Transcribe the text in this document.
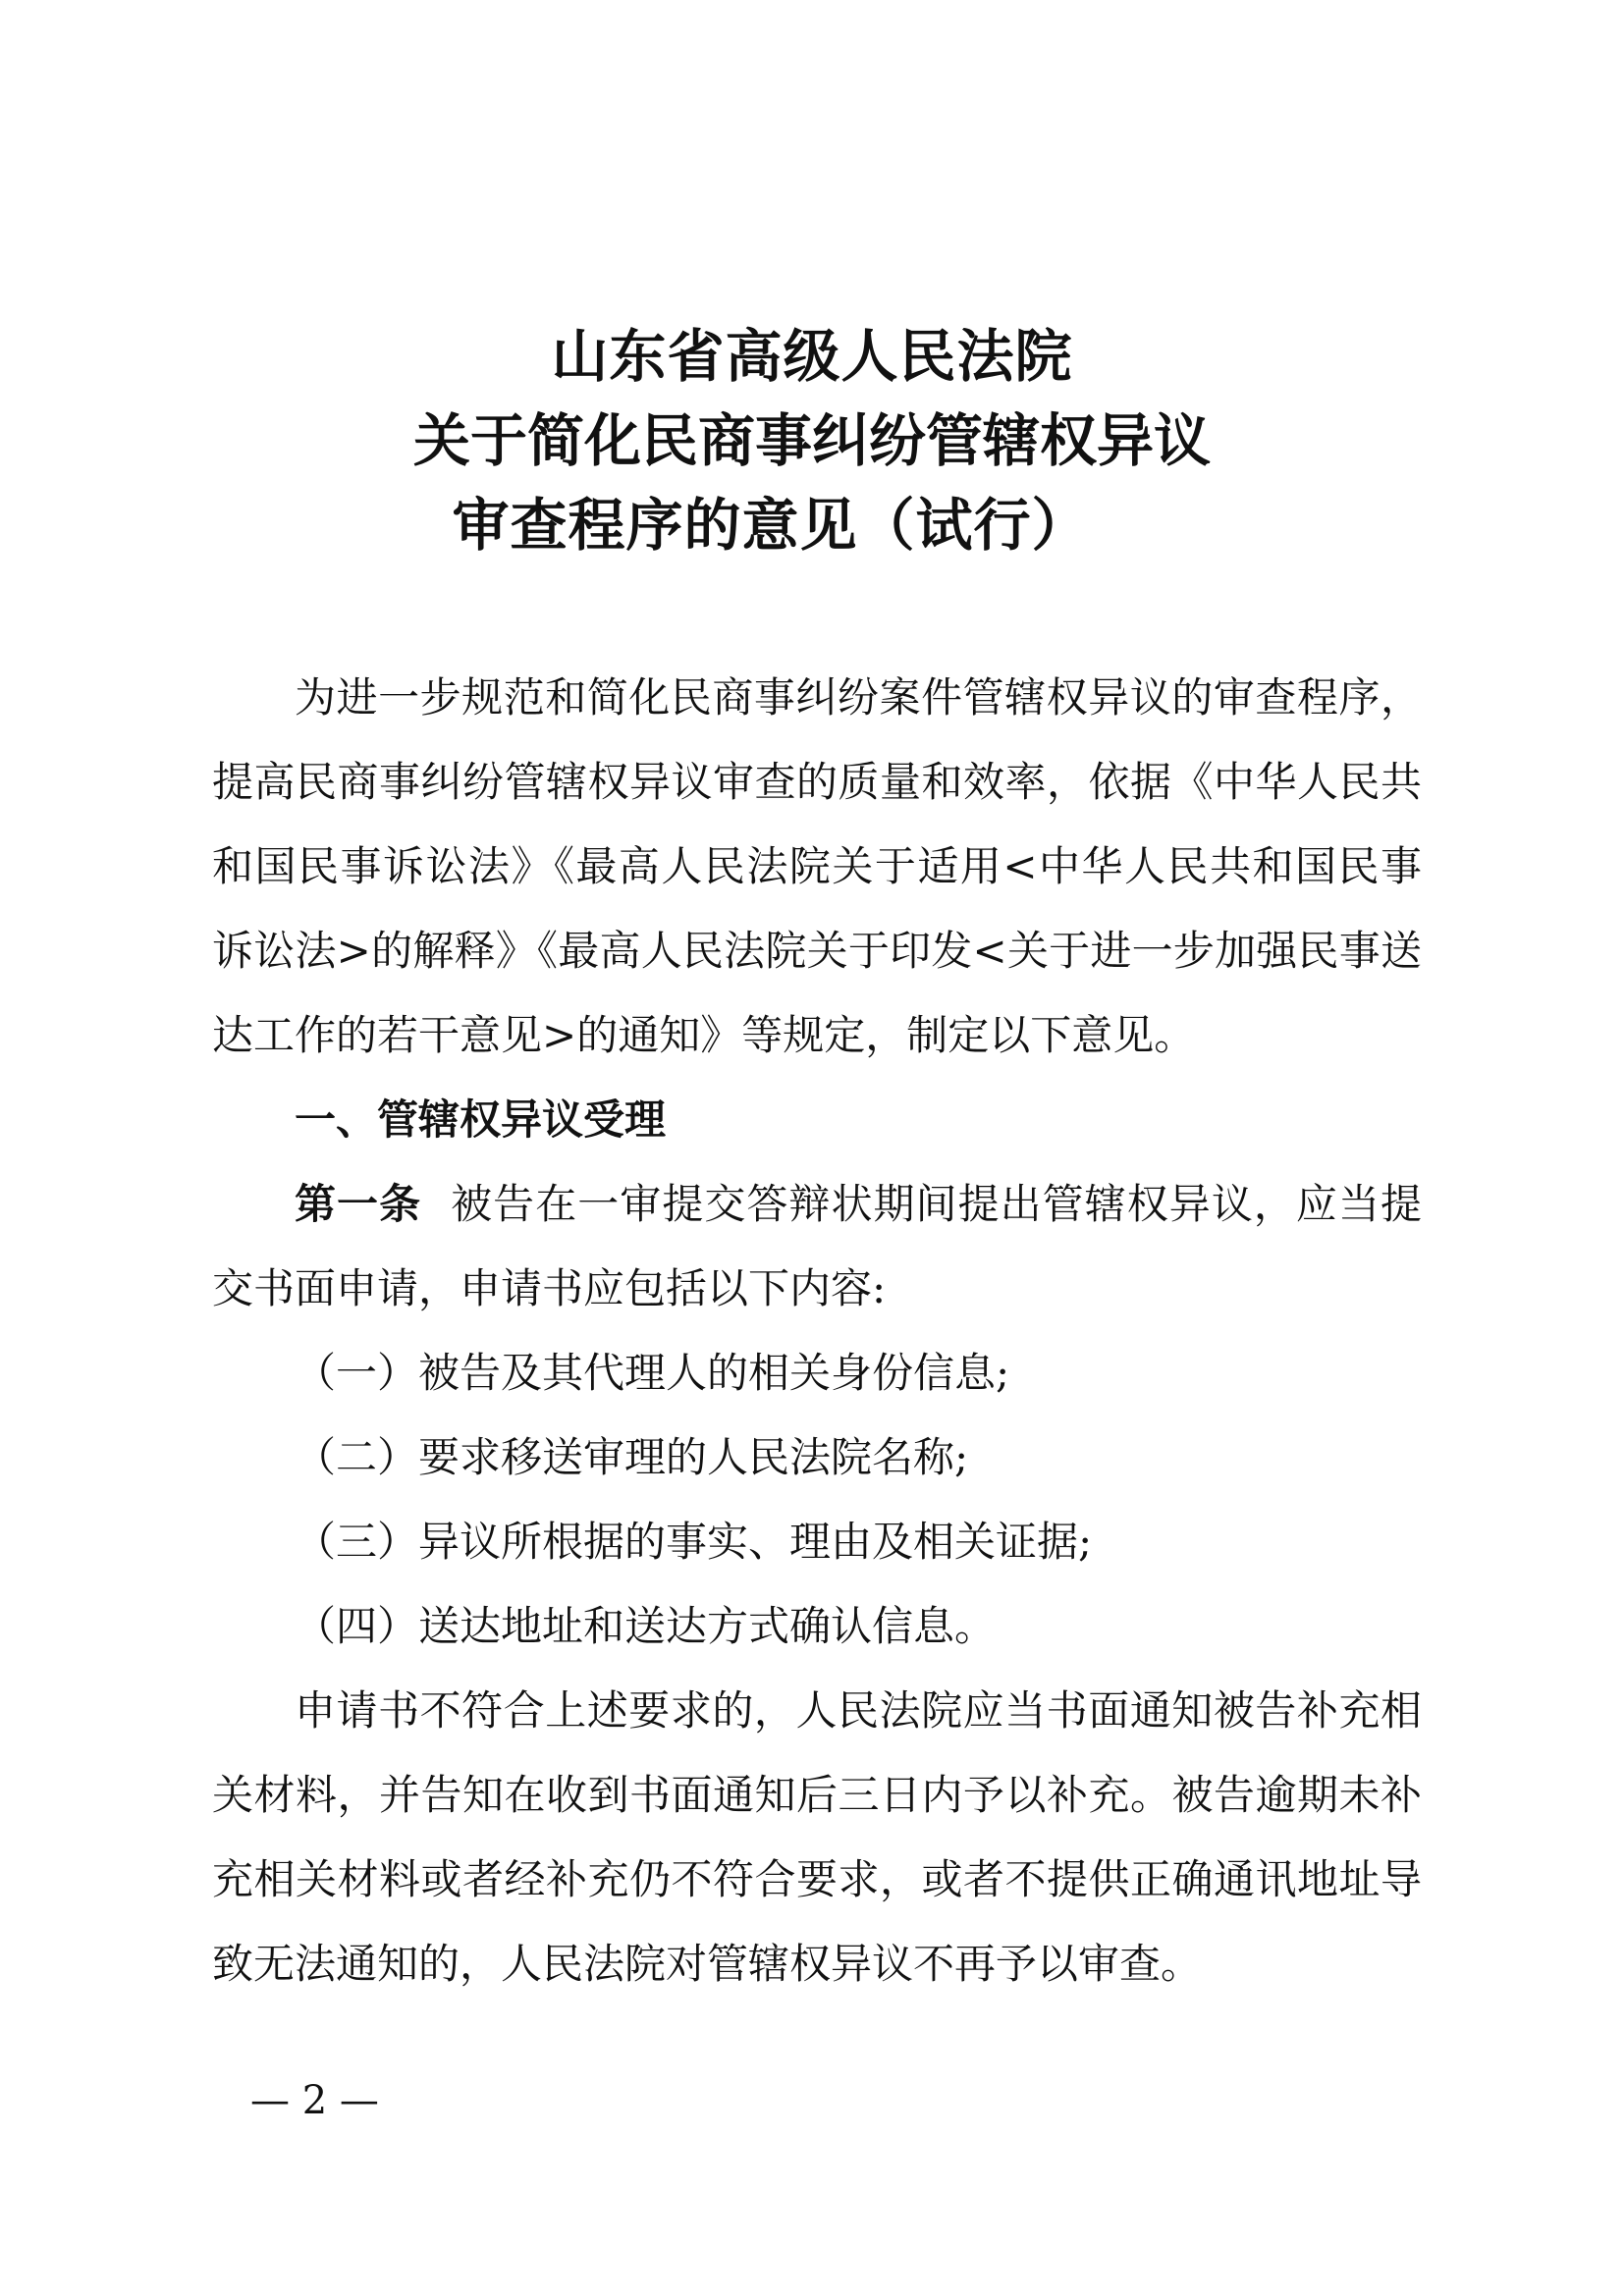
山东省高级人民法院
关于简化民商事纠纷管辖权异议
审查程序的意见（试行）

为进一步规范和简化民商事纠纷案件管辖权异议的审查程序，提高民商事纠纷管辖权异议审查的质量和效率，依据《中华人民共和国民事诉讼法》《最高人民法院关于适用<中华人民共和国民事诉讼法>的解释》《最高人民法院关于印发<关于进一步加强民事送达工作的若干意见>的通知》等规定，制定以下意见。

一、管辖权异议受理

第一条 被告在一审提交答辩状期间提出管辖权异议，应当提交书面申请，申请书应包括以下内容:

（一）被告及其代理人的相关身份信息;

（二）要求移送审理的人民法院名称;

（三）异议所根据的事实、理由及相关证据;

（四）送达地址和送达方式确认信息。

申请书不符合上述要求的，人民法院应当书面通知被告补充相关材料，并告知在收到书面通知后三日内予以补充。被告逾期未补充相关材料或者经补充仍不符合要求，或者不提供正确通讯地址导致无法通知的，人民法院对管辖权异议不再予以审查。

— 2 —
